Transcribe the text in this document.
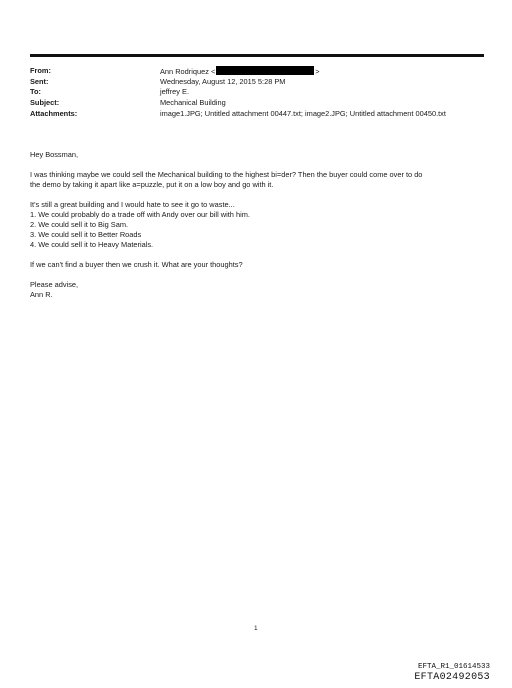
From:	Ann Rodriquez <	>
Sent:	Wednesday, August 12, 2015 5:28 PM
To:	jeffrey E.
Subject:	Mechanical Building
Attachments:	image1.JPG; Untitled attachment 00447.txt; image2.JPG; Untitled attachment 00450.txt

Hey Bossman,

I was thinking maybe we could sell the Mechanical building to the highest bi=der? Then the buyer could come over to do

the demo by taking it apart like a=puzzle, put it on a low boy and go with it.

It's still a great building and I would hate to see it go to waste...

1. We could probably do a trade off with Andy over our bill with him.

2. We could sell it to Big Sam.

3. We could sell it to Better Roads

4. We could sell it to Heavy Materials.

If we can't find a buyer then we crush it. What are your thoughts?

Please advise,

Ann R.

1
EFTA_R1_01614533
EFTA02492053
